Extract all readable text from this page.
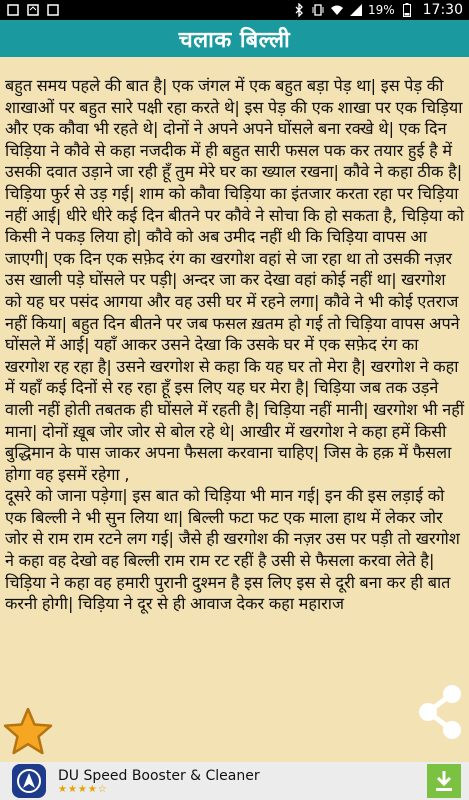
19% 17:30
चलाक बिल्ली

बहुत समय पहले की बात है| एक जंगल में एक बहुत बड़ा पेड़ था| इस पेड़ की शाखाओं पर बहुत सारे पक्षी रहा करते थे| इस पेड़ की एक शाखा पर एक चिड़िया और एक कौवा भी रहते थे| दोनों ने अपने अपने घोंसले बना रक्खे थे| एक दिन चिड़िया ने कौवे से कहा नजदीक में ही बहुत सारी फसल पक कर तयार हुई है में उसकी दवात उड़ाने जा रही हूँ तुम मेरे घर का ख्याल रखना| कौवे ने कहा ठीक है| चिड़िया फुर्र से उड़ गई| शाम को कौवा चिड़िया का इंतजार करता रहा पर चिड़िया नहीं आई| धीरे धीरे कई दिन बीतने पर कौवे ने सोचा कि हो सकता है, चिड़िया को किसी ने पकड़ लिया हो| कौवे को अब उमीद नहीं थी कि चिड़िया वापस आ जाएगी| एक दिन एक सफ़ेद रंग का खरगोश वहां से जा रहा था तो उसकी नज़र उस खाली पड़े घोंसले पर पड़ी| अन्दर जा कर देखा वहां कोई नहीं था| खरगोश को यह घर पसंद आगया और वह उसी घर में रहने लगा| कौवे ने भी कोई एतराज नहीं किया| बहुत दिन बीतने पर जब फसल ख़तम हो गई तो चिड़िया वापस अपने घोंसले में आई| यहाँ आकर उसने देखा कि उसके घर में एक सफ़ेद रंग का खरगोश रह रहा है| उसने खरगोश से कहा कि यह घर तो मेरा है| खरगोश ने कहा में यहाँ कई दिनों से रह रहा हूँ इस लिए यह घर मेरा है| चिड़िया जब तक उड़ने वाली नहीं होती तबतक ही घोंसले में रहती है| चिड़िया नहीं मानी| खरगोश भी नहीं माना| दोनों ख़ूब जोर जोर से बोल रहे थे| आखीर में खरगोश ने कहा हमें किसी बुद्धिमान के पास जाकर अपना फैसला करवाना चाहिए| जिस के हक़ में फैसला होगा वह इसमें रहेगा ,

दूसरे को जाना पड़ेगा| इस बात को चिड़िया भी मान गई| इन की इस लड़ाई को एक बिल्ली ने भी सुन लिया था| बिल्ली फटा फट एक माला हाथ में लेकर जोर जोर से राम राम रटने लग गई| जैसे ही खरगोश की नज़र उस पर पड़ी तो खरगोश ने कहा वह देखो वह बिल्ली राम राम रट रहीं है उसी से फैसला करवा लेते है| चिड़िया ने कहा वह हमारी पुरानी दुश्मन है इस लिए इस से दूरी बना कर ही बात करनी होगी| चिड़िया ने दूर से ही आवाज देकर कहा महाराज

DU Speed Booster & Cleaner
★★★★☆
